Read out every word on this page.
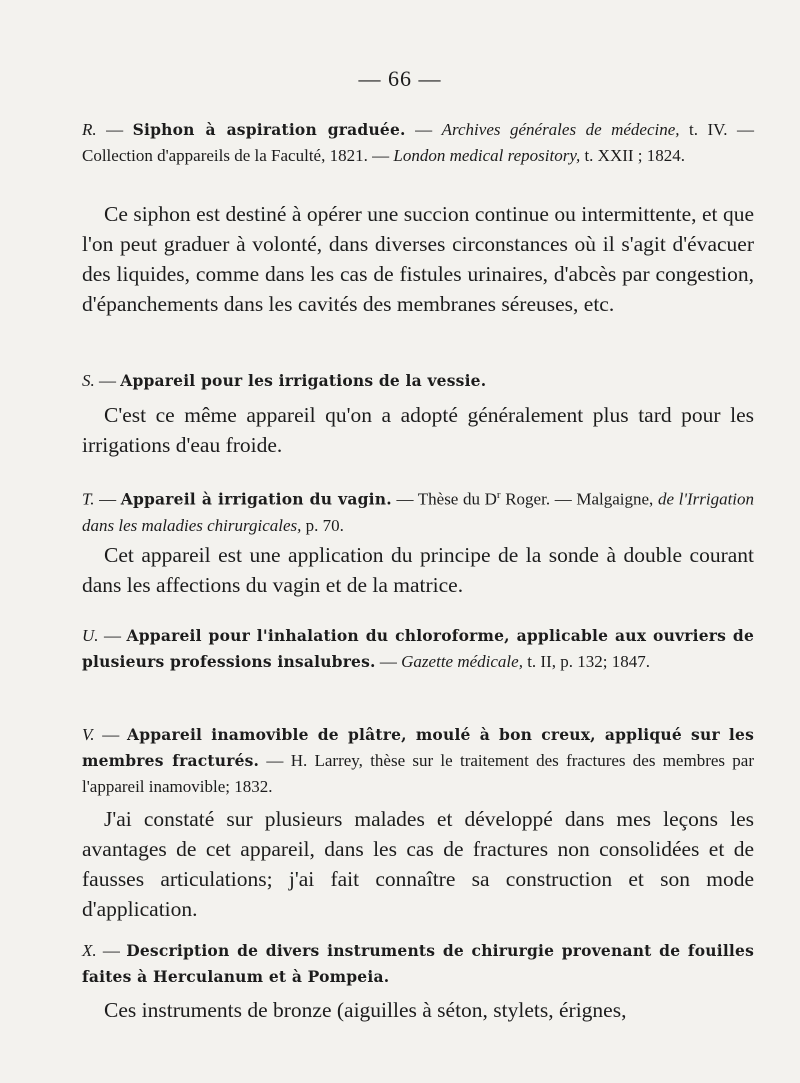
— 66 —
R. — Siphon à aspiration graduée. — Archives générales de médecine, t. IV. — Collection d'appareils de la Faculté, 1821. — London medical repository, t. XXII ; 1824.
Ce siphon est destiné à opérer une succion continue ou intermittente, et que l'on peut graduer à volonté, dans diverses circonstances où il s'agit d'évacuer des liquides, comme dans les cas de fistules urinaires, d'abcès par congestion, d'épanchements dans les cavités des membranes séreuses, etc.
S. — Appareil pour les irrigations de la vessie.
C'est ce même appareil qu'on a adopté généralement plus tard pour les irrigations d'eau froide.
T. — Appareil à irrigation du vagin. — Thèse du $D^r$ Roger. — Malgaigne, de l'Irrigation dans les maladies chirurgicales, p. 70.
Cet appareil est une application du principe de la sonde à double courant dans les affections du vagin et de la matrice.
U. — Appareil pour l'inhalation du chloroforme, applicable aux ouvriers de plusieurs professions insalubres. — Gazette médicale, t. II, p. 132; 1847.
V. — Appareil inamovible de plâtre, moulé à bon creux, appliqué sur les membres fracturés. — H. Larrey, thèse sur le traitement des fractures des membres par l'appareil inamovible; 1832.
J'ai constaté sur plusieurs malades et développé dans mes leçons les avantages de cet appareil, dans les cas de fractures non consolidées et de fausses articulations; j'ai fait connaître sa construction et son mode d'application.
X. — Description de divers instruments de chirurgie provenant de fouilles faites à Herculanum et à Pompeia.
Ces instruments de bronze (aiguilles à séton, stylets, érignes,
